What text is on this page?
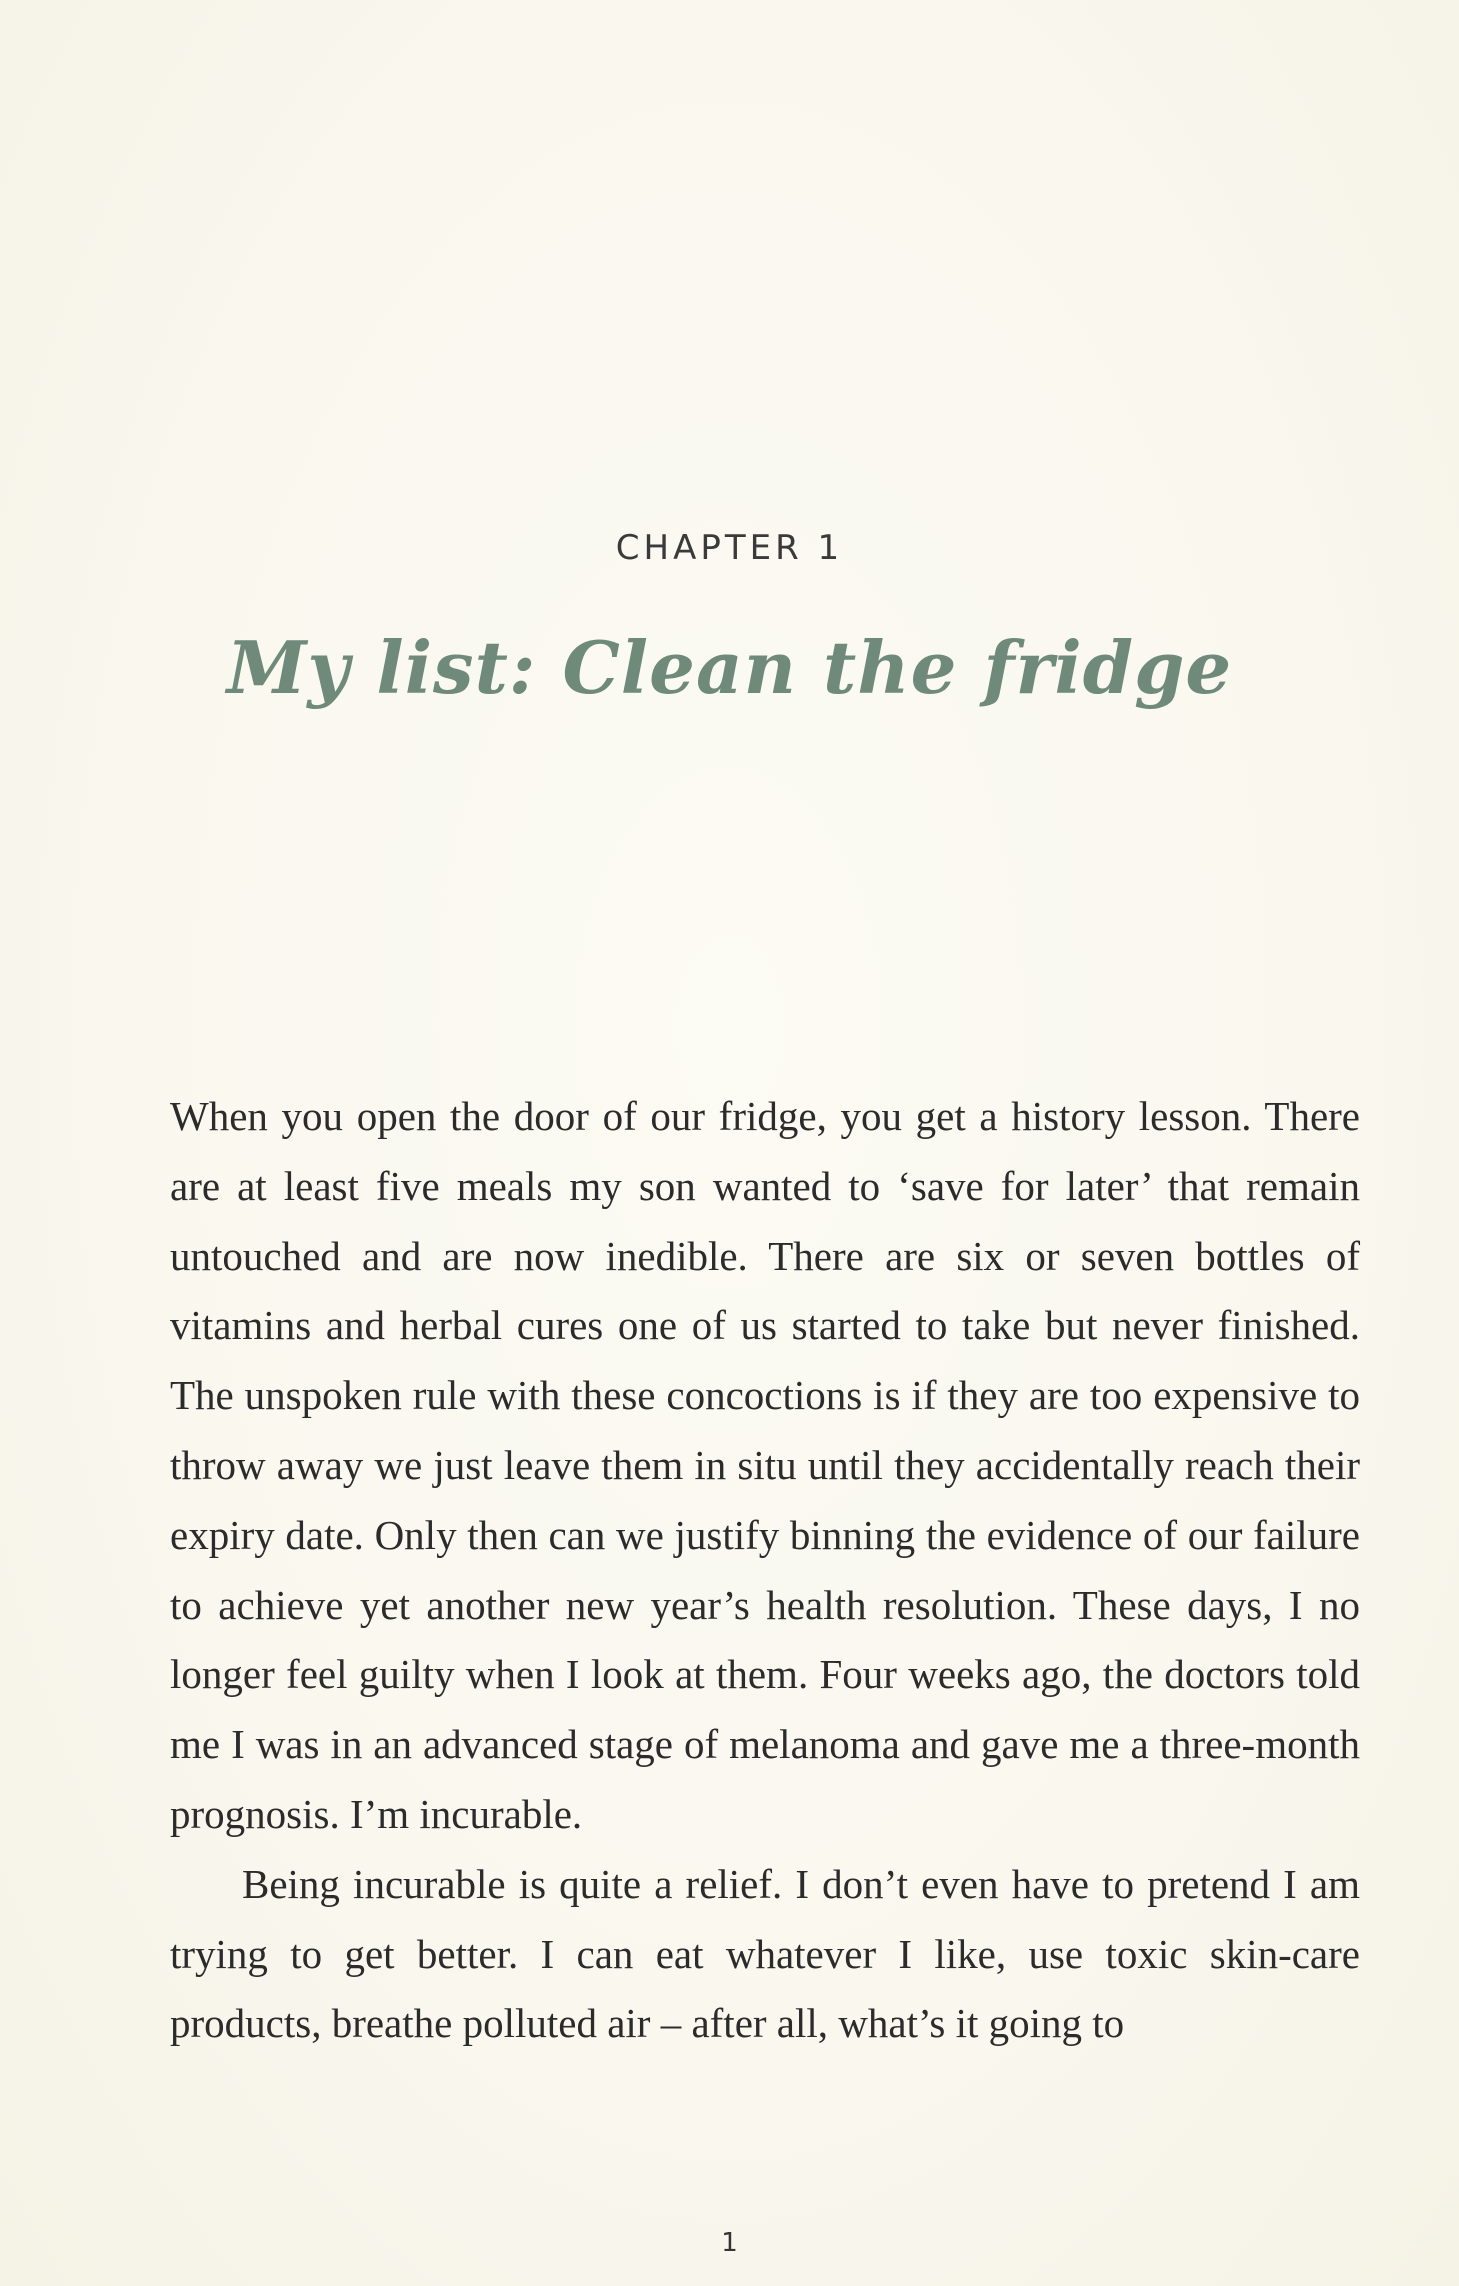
CHAPTER 1
My list: Clean the fridge

When you open the door of our fridge, you get a history lesson. There are at least five meals my son wanted to ‘save for later’ that remain untouched and are now inedible. There are six or seven bottles of vitamins and herbal cures one of us started to take but never finished. The unspoken rule with these concoctions is if they are too expensive to throw away we just leave them in situ until they accidentally reach their expiry date. Only then can we justify binning the evidence of our failure to achieve yet another new year’s health resolution. These days, I no longer feel guilty when I look at them. Four weeks ago, the doctors told me I was in an advanced stage of melanoma and gave me a three-month prognosis. I’m incurable.

Being incurable is quite a relief. I don’t even have to pretend I am trying to get better. I can eat whatever I like, use toxic skin-care products, breathe polluted air – after all, what’s it going to

1
